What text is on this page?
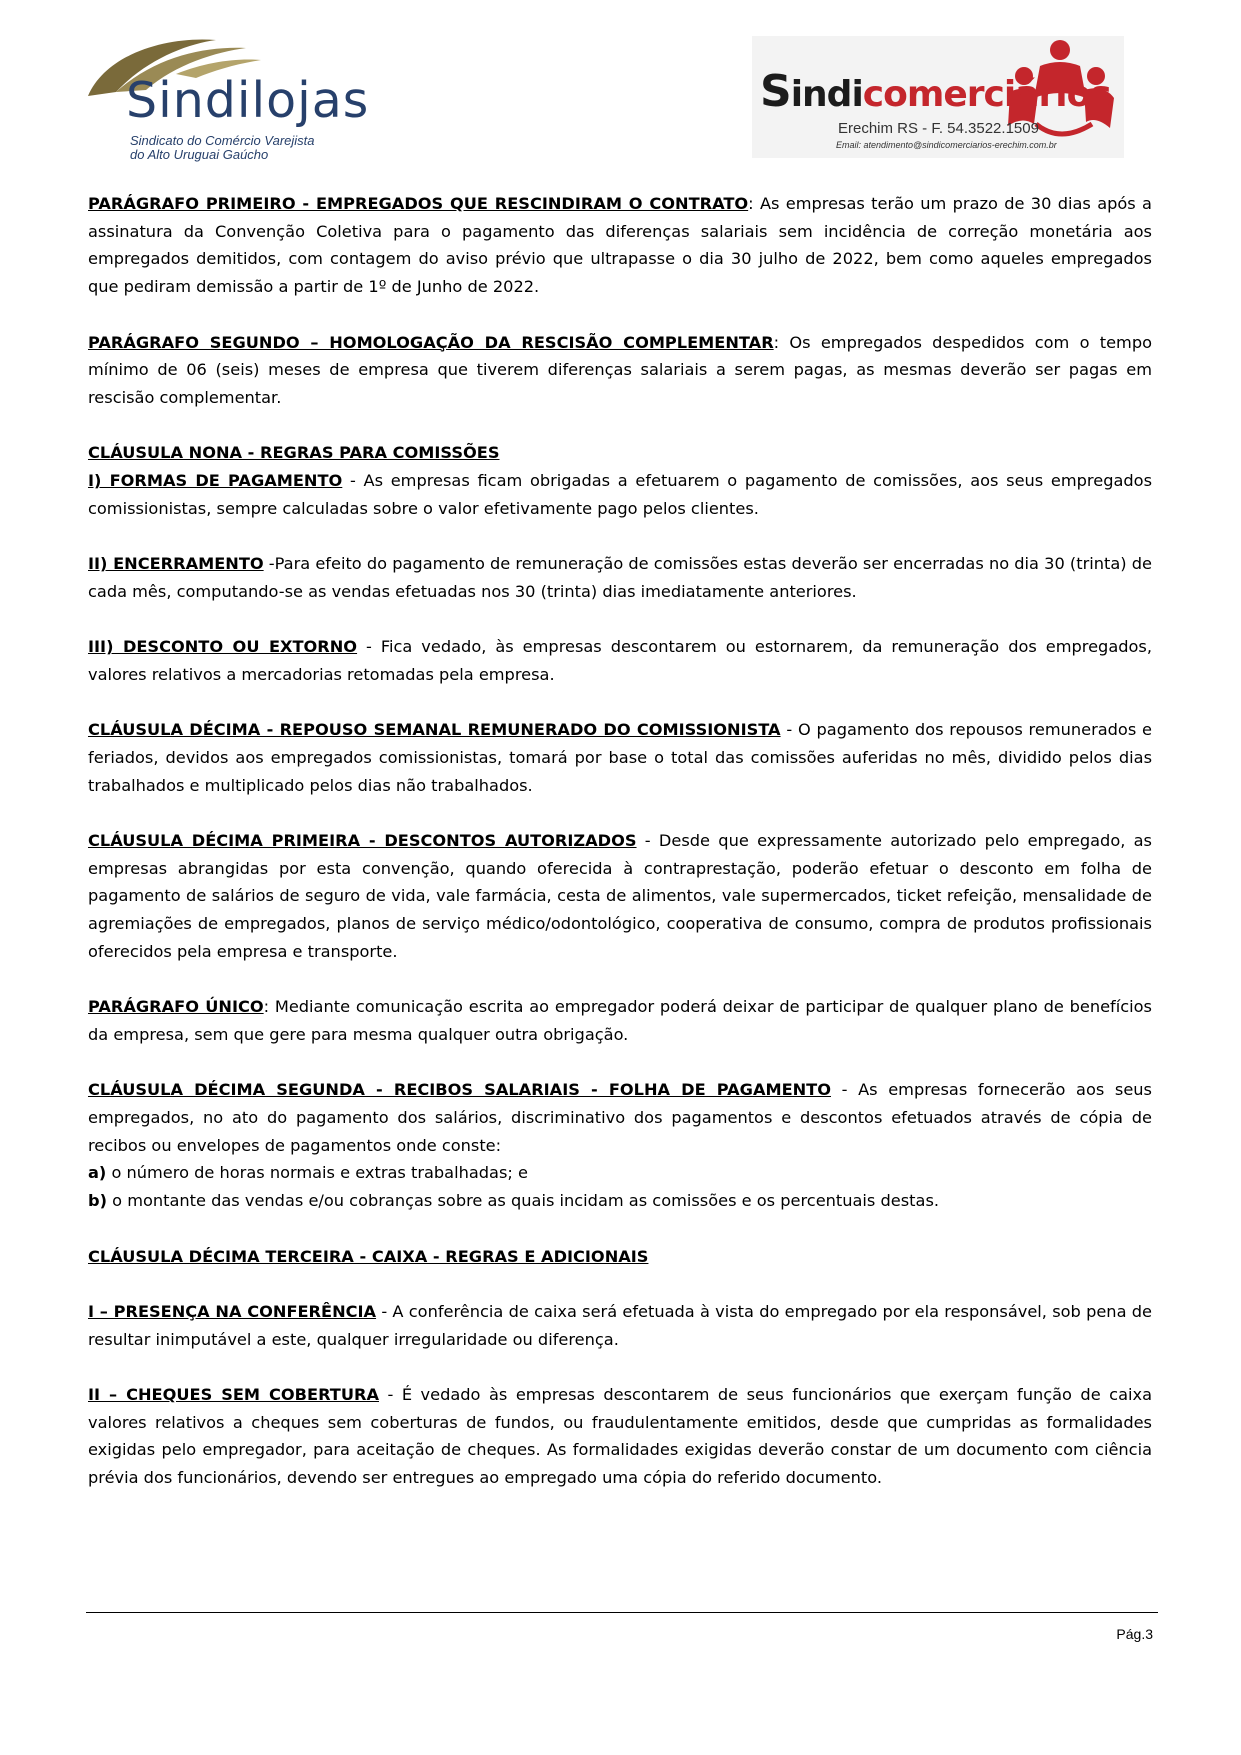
Sindilojas
Sindicato do Comércio Varejista
do Alto Uruguai Gaúcho
Sindicomerciários
Erechim RS - F. 54.3522.1509
Email: atendimento@sindicomerciarios-erechim.com.br

PARÁGRAFO PRIMEIRO - EMPREGADOS QUE RESCINDIRAM O CONTRATO: As empresas terão um prazo de 30 dias após a assinatura da Convenção Coletiva para o pagamento das diferenças salariais sem incidência de correção monetária aos empregados demitidos, com contagem do aviso prévio que ultrapasse o dia 30 julho de 2022, bem como aqueles empregados que pediram demissão a partir de 1º de Junho de 2022.

PARÁGRAFO SEGUNDO – HOMOLOGAÇÃO DA RESCISÃO COMPLEMENTAR: Os empregados despedidos com o tempo mínimo de 06 (seis) meses de empresa que tiverem diferenças salariais a serem pagas, as mesmas deverão ser pagas em rescisão complementar.

CLÁUSULA NONA - REGRAS PARA COMISSÕES

I) FORMAS DE PAGAMENTO - As empresas ficam obrigadas a efetuarem o pagamento de comissões, aos seus empregados comissionistas, sempre calculadas sobre o valor efetivamente pago pelos clientes.

II) ENCERRAMENTO -Para efeito do pagamento de remuneração de comissões estas deverão ser encerradas no dia 30 (trinta) de cada mês, computando-se as vendas efetuadas nos 30 (trinta) dias imediatamente anteriores.

III) DESCONTO OU EXTORNO - Fica vedado, às empresas descontarem ou estornarem, da remuneração dos empregados, valores relativos a mercadorias retomadas pela empresa.

CLÁUSULA DÉCIMA - REPOUSO SEMANAL REMUNERADO DO COMISSIONISTA - O pagamento dos repousos remunerados e feriados, devidos aos empregados comissionistas, tomará por base o total das comissões auferidas no mês, dividido pelos dias trabalhados e multiplicado pelos dias não trabalhados.

CLÁUSULA DÉCIMA PRIMEIRA - DESCONTOS AUTORIZADOS - Desde que expressamente autorizado pelo empregado, as empresas abrangidas por esta convenção, quando oferecida à contraprestação, poderão efetuar o desconto em folha de pagamento de salários de seguro de vida, vale farmácia, cesta de alimentos, vale supermercados, ticket refeição, mensalidade de agremiações de empregados, planos de serviço médico/odontológico, cooperativa de consumo, compra de produtos profissionais oferecidos pela empresa e transporte.

PARÁGRAFO ÚNICO: Mediante comunicação escrita ao empregador poderá deixar de participar de qualquer plano de benefícios da empresa, sem que gere para mesma qualquer outra obrigação.

CLÁUSULA DÉCIMA SEGUNDA - RECIBOS SALARIAIS - FOLHA DE PAGAMENTO - As empresas fornecerão aos seus empregados, no ato do pagamento dos salários, discriminativo dos pagamentos e descontos efetuados através de cópia de recibos ou envelopes de pagamentos onde conste:

a) o número de horas normais e extras trabalhadas; e

b) o montante das vendas e/ou cobranças sobre as quais incidam as comissões e os percentuais destas.

CLÁUSULA DÉCIMA TERCEIRA - CAIXA - REGRAS E ADICIONAIS

I – PRESENÇA NA CONFERÊNCIA - A conferência de caixa será efetuada à vista do empregado por ela responsável, sob pena de resultar inimputável a este, qualquer irregularidade ou diferença.

II – CHEQUES SEM COBERTURA - É vedado às empresas descontarem de seus funcionários que exerçam função de caixa valores relativos a cheques sem coberturas de fundos, ou fraudulentamente emitidos, desde que cumpridas as formalidades exigidas pelo empregador, para aceitação de cheques. As formalidades exigidas deverão constar de um documento com ciência prévia dos funcionários, devendo ser entregues ao empregado uma cópia do referido documento.

Pág.3
